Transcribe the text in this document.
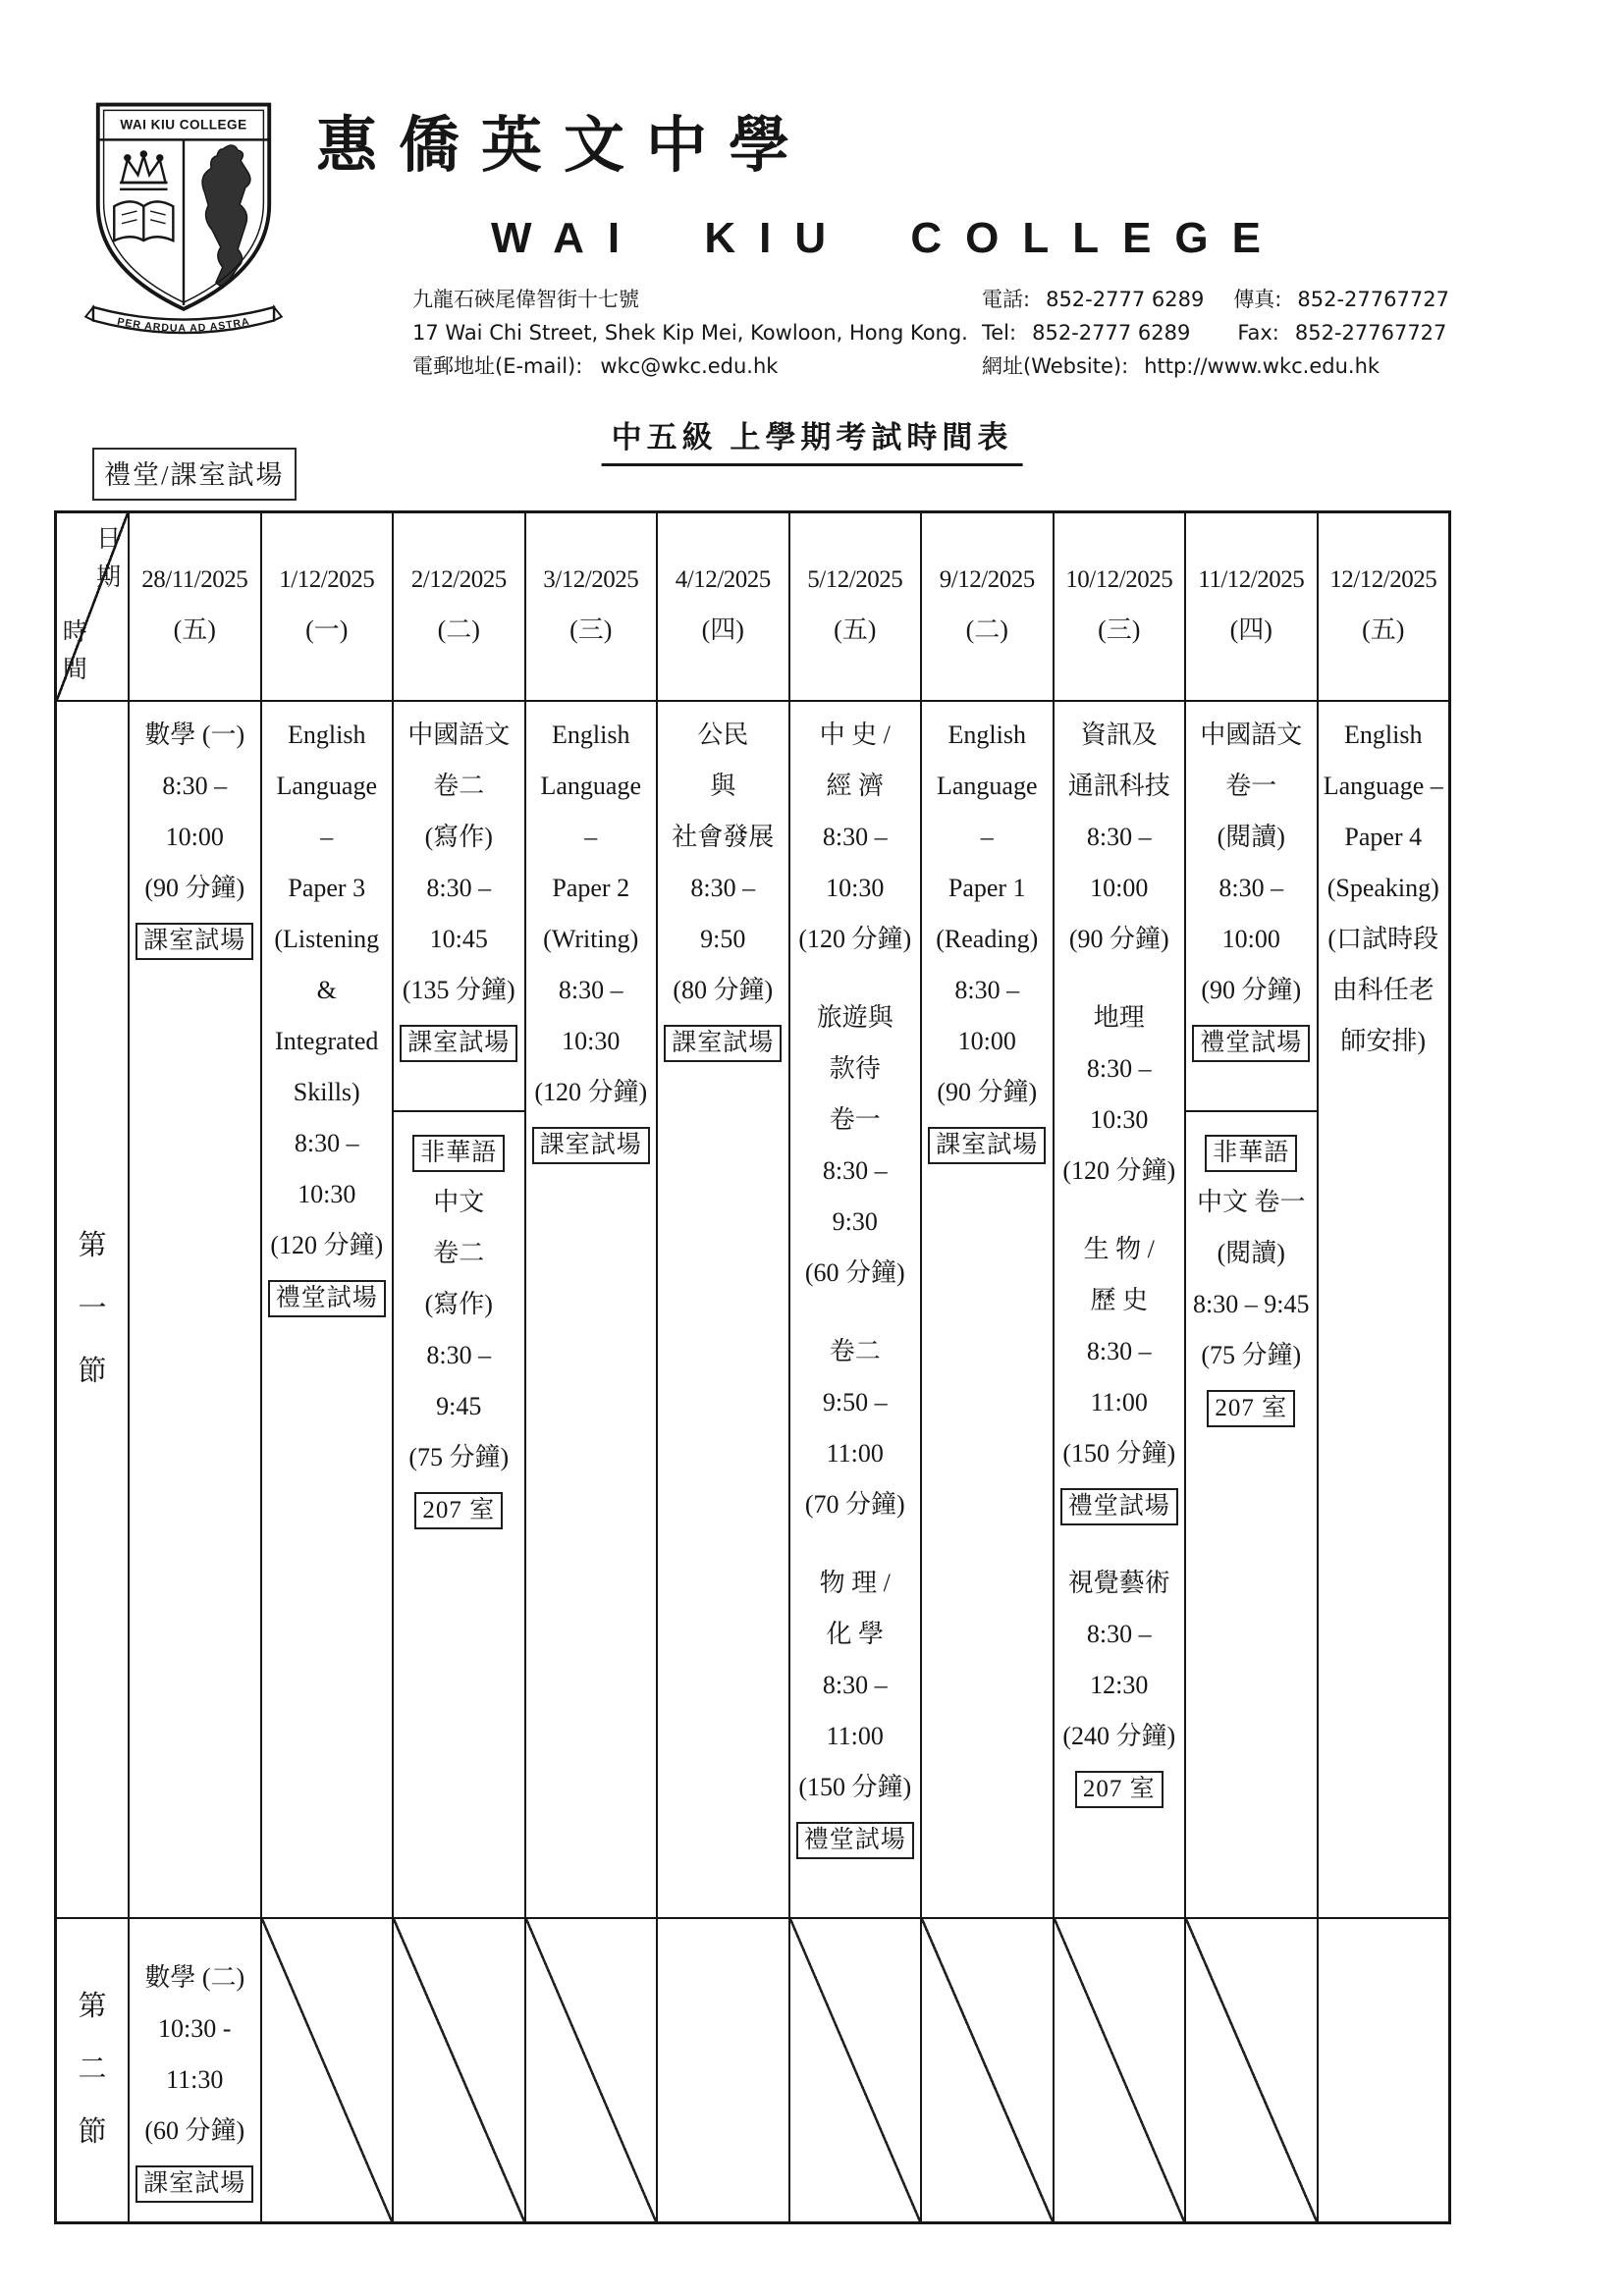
WAI KIU COLLEGE
PER ARDUA AD ASTRA
惠僑英文中學
WAI KIU COLLEGE
九龍石硤尾偉智街十七號
17 Wai Chi Street, Shek Kip Mei, Kowloon, Hong Kong.
電郵地址(E-mail): wkc@wkc.edu.hk
電話: 852-2777 6289 傳真: 852-27767727
Tel: 852-2777 6289 Fax: 852-27767727
網址(Website): http://www.wkc.edu.hk
中五級 上學期考試時間表
禮堂/課室試場
日期
時間
第一節
第二節
28/11/2025
(五)
數學 (一)
8:30 –
10:00
(90 分鐘)
課室試場
數學 (二)
10:30 -
11:30
(60 分鐘)
課室試場
1/12/2025
(一)
English
Language
–
Paper 3
(Listening
&
Integrated
Skills)
8:30 –
10:30
(120 分鐘)
禮堂試場
2/12/2025
(二)
中國語文
卷二
(寫作)
8:30 –
10:45
(135 分鐘)
課室試場
非華語
中文
卷二
(寫作)
8:30 –
9:45
(75 分鐘)
207 室
3/12/2025
(三)
English
Language
–
Paper 2
(Writing)
8:30 –
10:30
(120 分鐘)
課室試場
4/12/2025
(四)
公民
與
社會發展
8:30 –
9:50
(80 分鐘)
課室試場
5/12/2025
(五)
中 史 /
經 濟
8:30 –
10:30
(120 分鐘)
旅遊與
款待
卷一
8:30 –
9:30
(60 分鐘)
卷二
9:50 –
11:00
(70 分鐘)
物 理 /
化 學
8:30 –
11:00
(150 分鐘)
禮堂試場
9/12/2025
(二)
English
Language
–
Paper 1
(Reading)
8:30 –
10:00
(90 分鐘)
課室試場
10/12/2025
(三)
資訊及
通訊科技
8:30 –
10:00
(90 分鐘)
地理
8:30 –
10:30
(120 分鐘)
生 物 /
歷 史
8:30 –
11:00
(150 分鐘)
禮堂試場
視覺藝術
8:30 –
12:30
(240 分鐘)
207 室
11/12/2025
(四)
中國語文
卷一
(閱讀)
8:30 –
10:00
(90 分鐘)
禮堂試場
非華語
中文 卷一
(閱讀)
8:30 – 9:45
(75 分鐘)
207 室
12/12/2025
(五)
English
Language –
Paper 4
(Speaking)
(口試時段
由科任老
師安排)
